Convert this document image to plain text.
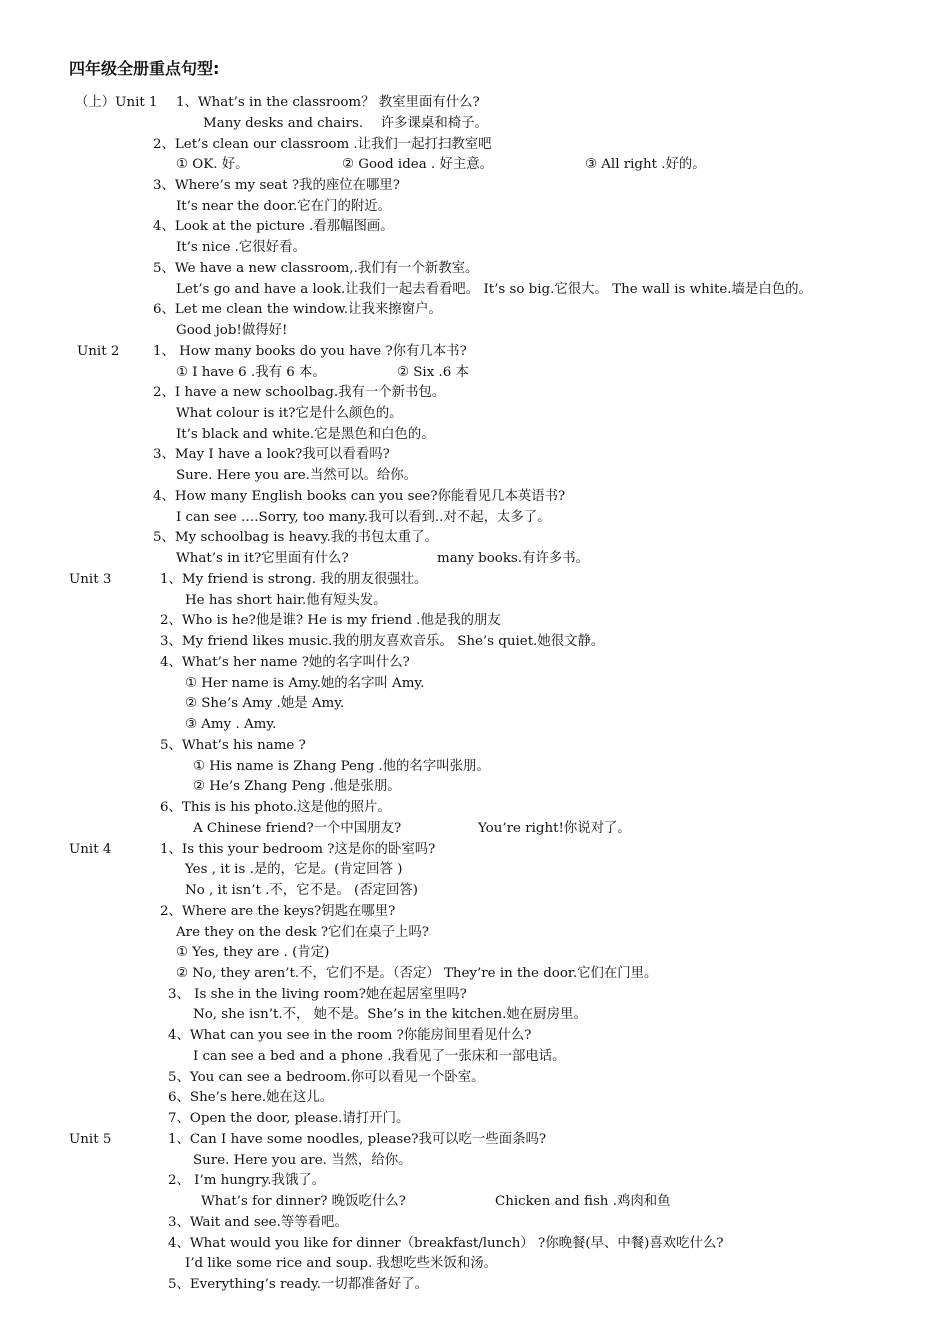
四年级全册重点句型:
（上）Unit 1 1、What’s in the classroom？ 教室里面有什么?
Many desks and chairs.　 许多课桌和椅子。
2、Let’s clean our classroom .让我们一起打扫教室吧
① OK. 好。	② Good idea . 好主意。	③ All right .好的。
3、Where’s my seat ?我的座位在哪里?
It’s near the door.它在门的附近。
4、Look at the picture .看那幅图画。
It’s nice .它很好看。
5、We have a new classroom,.我们有一个新教室。
Let’s go and have a look.让我们一起去看看吧。 It’s so big.它很大。 The wall is white.墙是白色的。
6、Let me clean the window.让我来擦窗户。
Good job!做得好!
Unit 2	1、 How many books do you have ?你有几本书?
① I have 6 .我有 6 本。	② Six .6 本
2、I have a new schoolbag.我有一个新书包。
What colour is it?它是什么颜色的。
It’s black and white.它是黑色和白色的。
3、May I have a look?我可以看看吗?
Sure. Here you are.当然可以。给你。
4、How many English books can you see?你能看见几本英语书?
I can see ….Sorry, too many.我可以看到..对不起，太多了。
5、My schoolbag is heavy.我的书包太重了。
What’s in it?它里面有什么?	many books.有许多书。
Unit 3	1、My friend is strong. 我的朋友很强壮。
He has short hair.他有短头发。
2、Who is he?他是谁? He is my friend .他是我的朋友
3、My friend likes music.我的朋友喜欢音乐。 She’s quiet.她很文静。
4、What’s her name ?她的名字叫什么?
① Her name is Amy.她的名字叫 Amy.
② She’s Amy .她是 Amy.
③ Amy . Amy.
5、What’s his name ?
① His name is Zhang Peng .他的名字叫张朋。
② He’s Zhang Peng .他是张朋。
6、This is his photo.这是他的照片。
A Chinese friend?一个中国朋友?	You’re right!你说对了。
Unit 4	1、Is this your bedroom ?这是你的卧室吗?
Yes , it is .是的，它是。(肯定回答 )
No , it isn’t .不，它不是。 (否定回答)
2、Where are the keys?钥匙在哪里?
Are they on the desk ?它们在桌子上吗?
① Yes, they are . (肯定)
② No, they aren’t.不，它们不是。（否定） They’re in the door.它们在门里。
3、 Is she in the living room?她在起居室里吗?
No, she isn’t.不， 她不是。She’s in the kitchen.她在厨房里。
4、What can you see in the room ?你能房间里看见什么?
I can see a bed and a phone .我看见了一张床和一部电话。
5、You can see a bedroom.你可以看见一个卧室。
6、She’s here.她在这儿。
7、Open the door, please.请打开门。
Unit 5	1、Can I have some noodles, please?我可以吃一些面条吗?
Sure. Here you are. 当然，给你。
2、 I’m hungry.我饿了。
What’s for dinner? 晚饭吃什么?	Chicken and fish .鸡肉和鱼
3、Wait and see.等等看吧。
4、What would you like for dinner（breakfast/lunch） ?你晚餐(早、中餐)喜欢吃什么?
I’d like some rice and soup. 我想吃些米饭和汤。
5、Everything’s ready.一切都准备好了。
